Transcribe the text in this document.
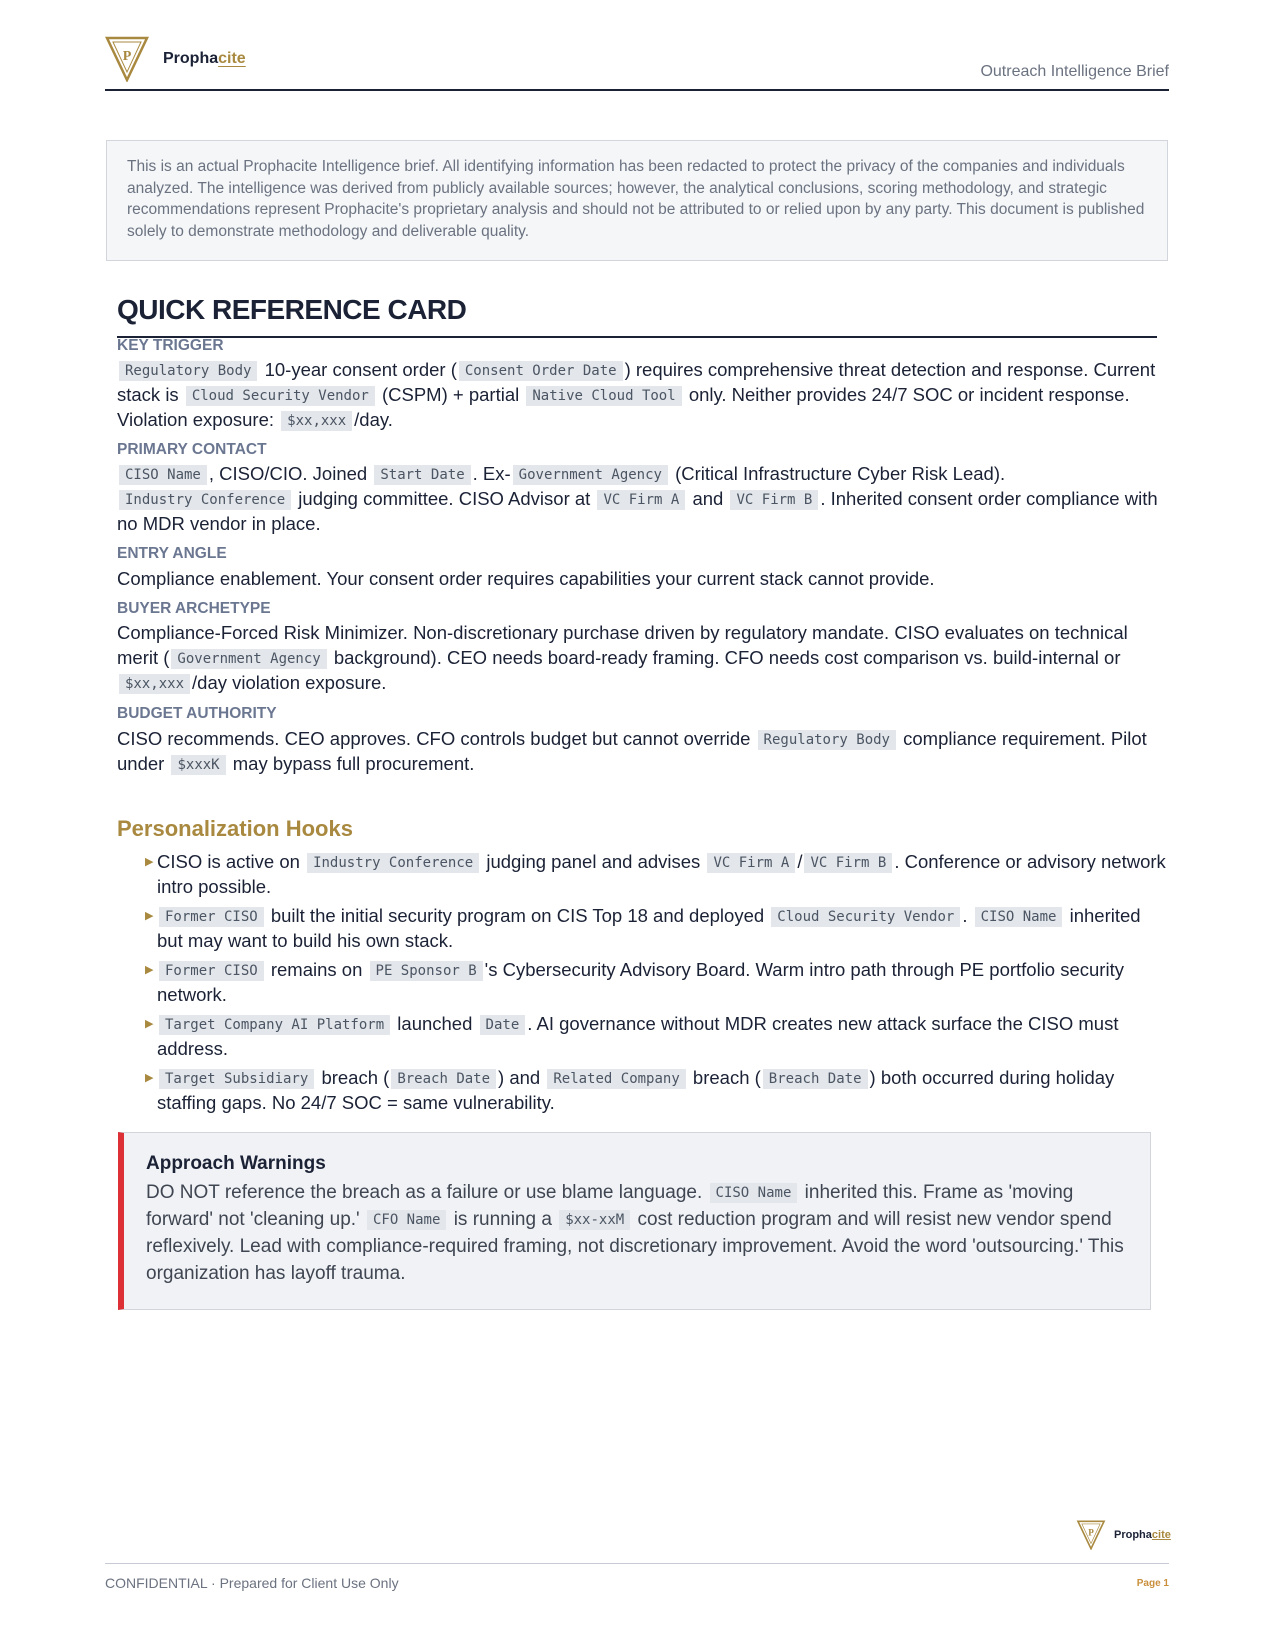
P Prophacite
Outreach Intelligence Brief
This is an actual Prophacite Intelligence brief. All identifying information has been redacted to protect the privacy of the companies and individuals analyzed. The intelligence was derived from publicly available sources; however, the analytical conclusions, scoring methodology, and strategic recommendations represent Prophacite's proprietary analysis and should not be attributed to or relied upon by any party. This document is published solely to demonstrate methodology and deliverable quality.
QUICK REFERENCE CARD
KEY TRIGGER
Regulatory Body 10-year consent order ( Consent Order Date ) requires comprehensive threat detection and response. Current stack is Cloud Security Vendor (CSPM) + partial Native Cloud Tool only. Neither provides 24/7 SOC or incident response. Violation exposure: $xx,xxx /day.
PRIMARY CONTACT
CISO Name , CISO/CIO. Joined Start Date . Ex- Government Agency (Critical Infrastructure Cyber Risk Lead). Industry Conference judging committee. CISO Advisor at VC Firm A and VC Firm B . Inherited consent order compliance with no MDR vendor in place.
ENTRY ANGLE
Compliance enablement. Your consent order requires capabilities your current stack cannot provide.
BUYER ARCHETYPE
Compliance-Forced Risk Minimizer. Non-discretionary purchase driven by regulatory mandate. CISO evaluates on technical merit ( Government Agency background). CEO needs board-ready framing. CFO needs cost comparison vs. build-internal or $xx,xxx /day violation exposure.
BUDGET AUTHORITY
CISO recommends. CEO approves. CFO controls budget but cannot override Regulatory Body compliance requirement. Pilot under $xxxK may bypass full procurement.
Personalization Hooks
▶ CISO is active on Industry Conference judging panel and advises VC Firm A / VC Firm B . Conference or advisory network intro possible.
▶ Former CISO built the initial security program on CIS Top 18 and deployed Cloud Security Vendor . CISO Name inherited but may want to build his own stack.
▶ Former CISO remains on PE Sponsor B 's Cybersecurity Advisory Board. Warm intro path through PE portfolio security network.
▶ Target Company AI Platform launched Date . AI governance without MDR creates new attack surface the CISO must address.
▶ Target Subsidiary breach ( Breach Date ) and Related Company breach ( Breach Date ) both occurred during holiday staffing gaps. No 24/7 SOC = same vulnerability.
Approach Warnings

DO NOT reference the breach as a failure or use blame language. CISO Name inherited this. Frame as 'moving forward' not 'cleaning up.' CFO Name is running a $xx-xxM cost reduction program and will resist new vendor spend reflexively. Lead with compliance-required framing, not discretionary improvement. Avoid the word 'outsourcing.' This organization has layoff trauma.

P Prophacite
CONFIDENTIAL · Prepared for Client Use Only	Page 1
